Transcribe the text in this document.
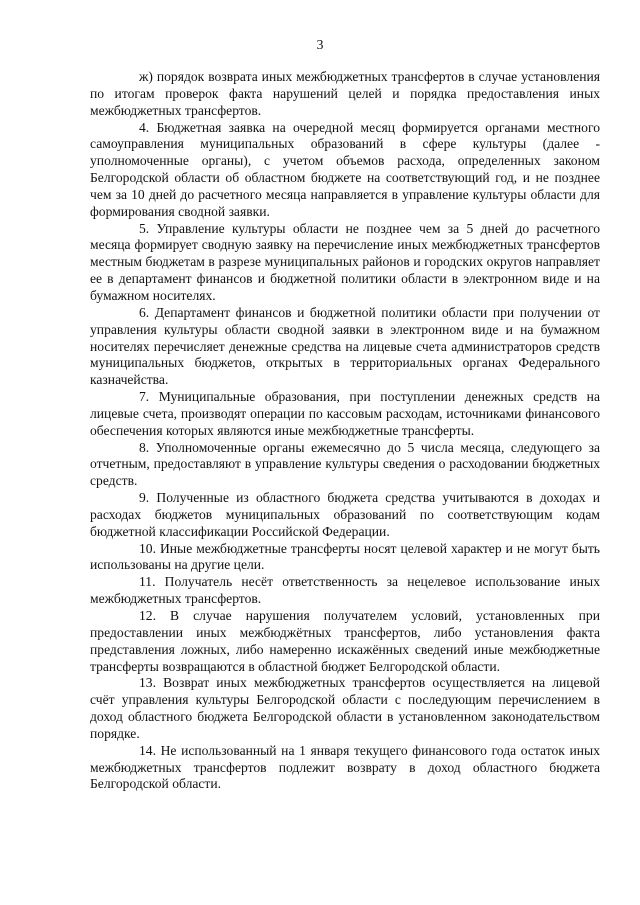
3

ж) порядок возврата иных межбюджетных трансфертов в случае установления по итогам проверок факта нарушений целей и порядка предоставления иных межбюджетных трансфертов.

4. Бюджетная заявка на очередной месяц формируется органами местного самоуправления муниципальных образований в сфере культуры (далее - уполномоченные органы), с учетом объемов расхода, определенных законом Белгородской области об областном бюджете на соответствующий год, и не позднее чем за 10 дней до расчетного месяца направляется в управление культуры области для формирования сводной заявки.

5. Управление культуры области не позднее чем за 5 дней до расчетного месяца формирует сводную заявку на перечисление иных межбюджетных трансфертов местным бюджетам в разрезе муниципальных районов и городских округов направляет ее в департамент финансов и бюджетной политики области в электронном виде и на бумажном носителях.

6. Департамент финансов и бюджетной политики области при получении от управления культуры области сводной заявки в электронном виде и на бумажном носителях перечисляет денежные средства на лицевые счета администраторов средств муниципальных бюджетов, открытых в территориальных органах Федерального казначейства.

7. Муниципальные образования, при поступлении денежных средств на лицевые счета, производят операции по кассовым расходам, источниками финансового обеспечения которых являются иные межбюджетные трансферты.

8. Уполномоченные органы ежемесячно до 5 числа месяца, следующего за отчетным, предоставляют в управление культуры сведения о расходовании бюджетных средств.

9. Полученные из областного бюджета средства учитываются в доходах и расходах бюджетов муниципальных образований по соответствующим кодам бюджетной классификации Российской Федерации.

10. Иные межбюджетные трансферты носят целевой характер и не могут быть использованы на другие цели.

11. Получатель несёт ответственность за нецелевое использование иных межбюджетных трансфертов.

12. В случае нарушения получателем условий, установленных при предоставлении иных межбюджётных трансфертов, либо установления факта представления ложных, либо намеренно искажённых сведений иные межбюджетные трансферты возвращаются в областной бюджет Белгородской области.

13. Возврат иных межбюджетных трансфертов осуществляется на лицевой счёт управления культуры Белгородской области с последующим перечислением в доход областного бюджета Белгородской области в установленном законодательством порядке.

14. Не использованный на 1 января текущего финансового года остаток иных межбюджетных трансфертов подлежит возврату в доход областного бюджета Белгородской области.
